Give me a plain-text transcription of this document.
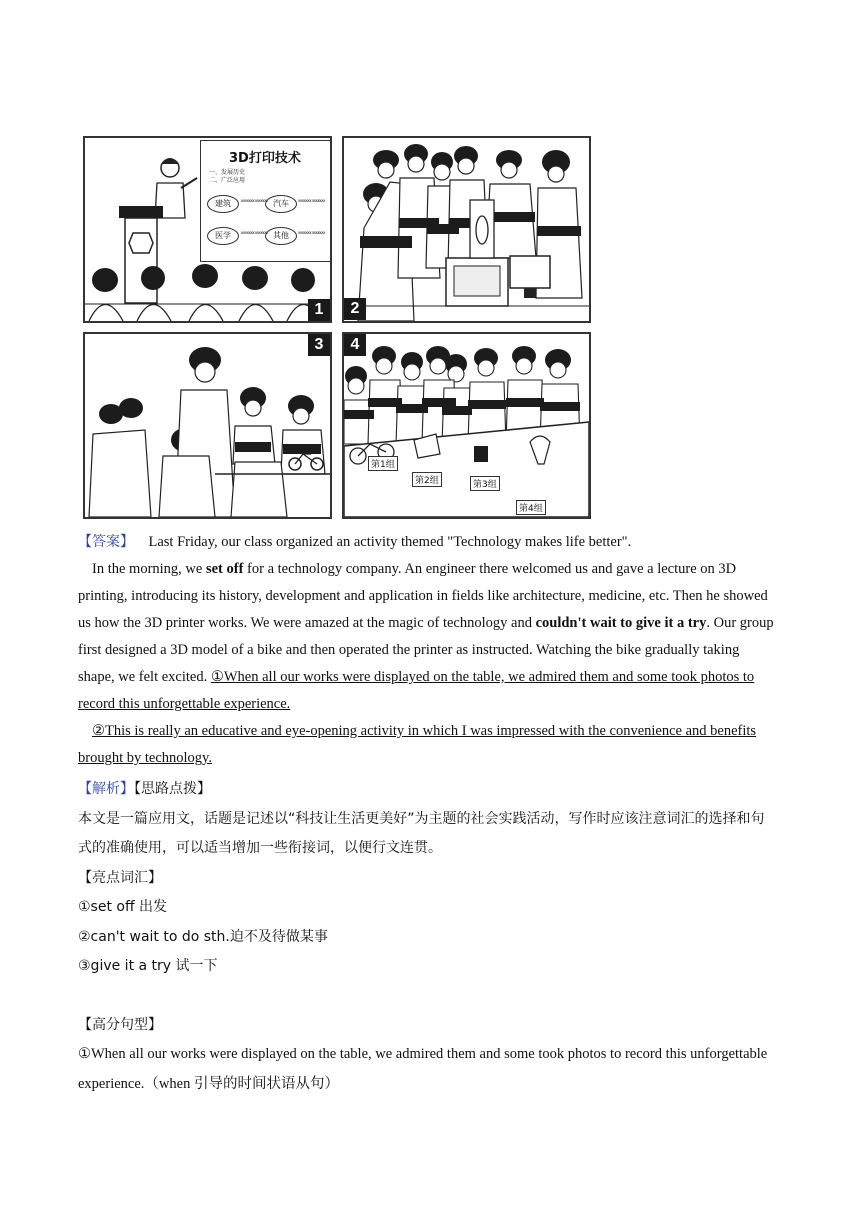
3D打印技术
一、发展历史
二、广泛应用
建筑	xxxxxxx xxxxxxx 汽车	xxxxxxx xxxxxxx
医学	xxxxxxx xxxxxxx 其他	xxxxxxx xxxxxxx
1	2
3
第1组
第2组	第3组
第4组
4

【答案】 Last Friday, our class organized an activity themed "Technology makes life better".

In the morning, we set off for a technology company. An engineer there welcomed us and gave a lecture on 3D printing, introducing its history, development and application in fields like architecture, medicine, etc. Then he showed us how the 3D printer works. We were amazed at the magic of technology and couldn't wait to give it a try. Our group first designed a 3D model of a bike and then operated the printer as instructed. Watching the bike gradually taking shape, we felt excited. ①When all our works were displayed on the table, we admired them and some took photos to record this unforgettable experience.

②This is really an educative and eye-opening activity in which I was impressed with the convenience and benefits brought by technology.

【解析】【思路点拨】

本文是一篇应用文，话题是记述以“科技让生活更美好”为主题的社会实践活动，写作时应该注意词汇的选择和句式的准确使用，可以适当增加一些衔接词，以便行文连贯。

【亮点词汇】

①set off 出发

②can't wait to do sth.迫不及待做某事

③give it a try 试一下

【高分句型】

①When all our works were displayed on the table, we admired them and some took photos to record this unforgettable experience.（when 引导的时间状语从句）
